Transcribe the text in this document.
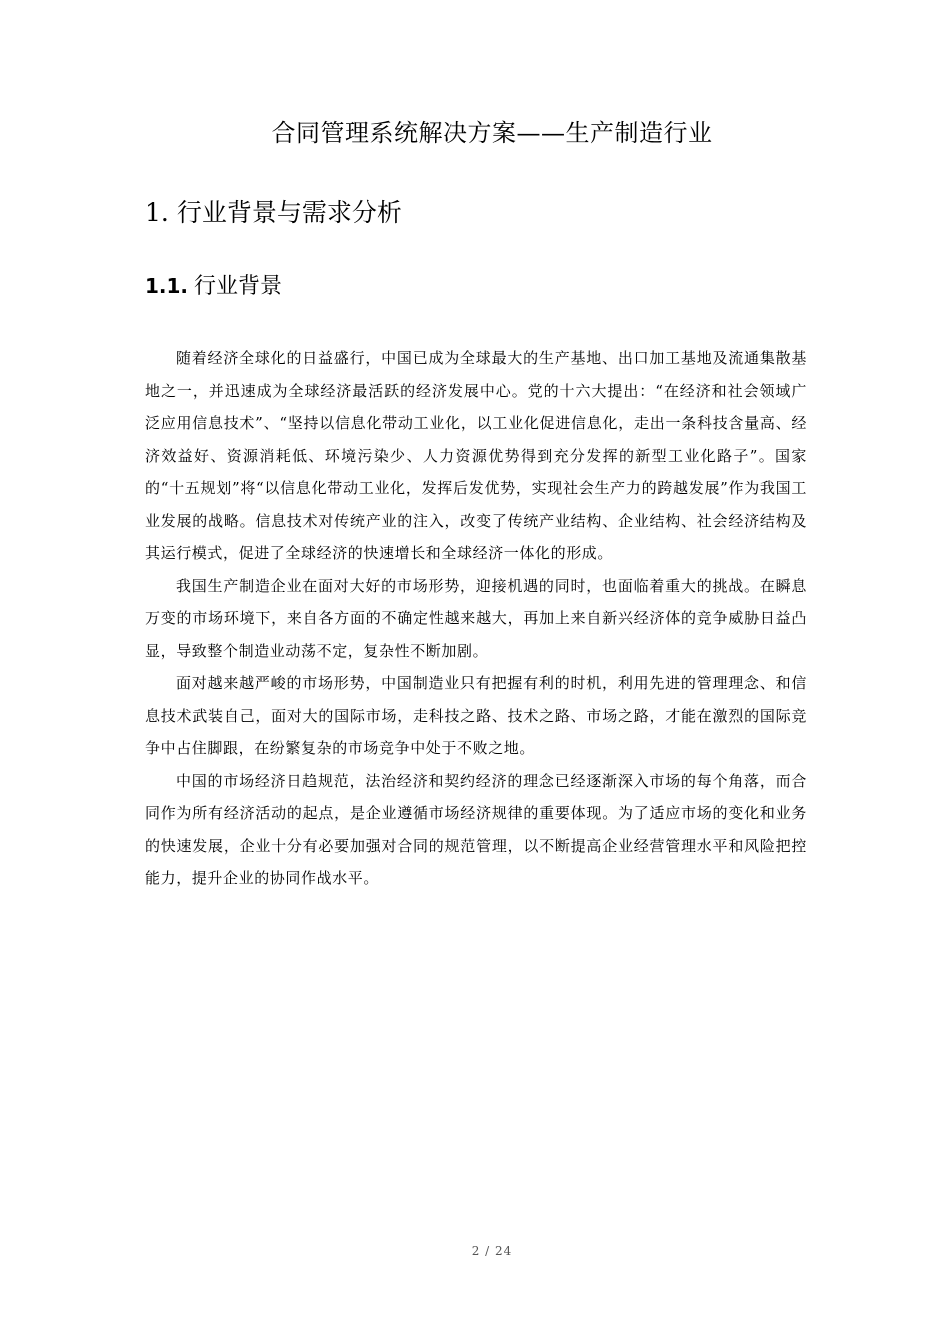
合同管理系统解决方案——生产制造行业
1. 行业背景与需求分析
1.1. 行业背景

随着经济全球化的日益盛行，中国已成为全球最大的生产基地、出口加工基地及流通集散基地之一，并迅速成为全球经济最活跃的经济发展中心。党的十六大提出：“在经济和社会领域广泛应用信息技术”、“坚持以信息化带动工业化，以工业化促进信息化，走出一条科技含量高、经济效益好、资源消耗低、环境污染少、人力资源优势得到充分发挥的新型工业化路子”。国家的“十五规划”将“以信息化带动工业化，发挥后发优势，实现社会生产力的跨越发展”作为我国工业发展的战略。信息技术对传统产业的注入，改变了传统产业结构、企业结构、社会经济结构及其运行模式，促进了全球经济的快速增长和全球经济一体化的形成。

我国生产制造企业在面对大好的市场形势，迎接机遇的同时，也面临着重大的挑战。在瞬息万变的市场环境下，来自各方面的不确定性越来越大，再加上来自新兴经济体的竞争威胁日益凸显，导致整个制造业动荡不定，复杂性不断加剧。

面对越来越严峻的市场形势，中国制造业只有把握有利的时机，利用先进的管理理念、和信息技术武装自己，面对大的国际市场，走科技之路、技术之路、市场之路，才能在激烈的国际竞争中占住脚跟，在纷繁复杂的市场竞争中处于不败之地。

中国的市场经济日趋规范，法治经济和契约经济的理念已经逐渐深入市场的每个角落，而合同作为所有经济活动的起点，是企业遵循市场经济规律的重要体现。为了适应市场的变化和业务的快速发展，企业十分有必要加强对合同的规范管理，以不断提高企业经营管理水平和风险把控能力，提升企业的协同作战水平。

2 / 24
